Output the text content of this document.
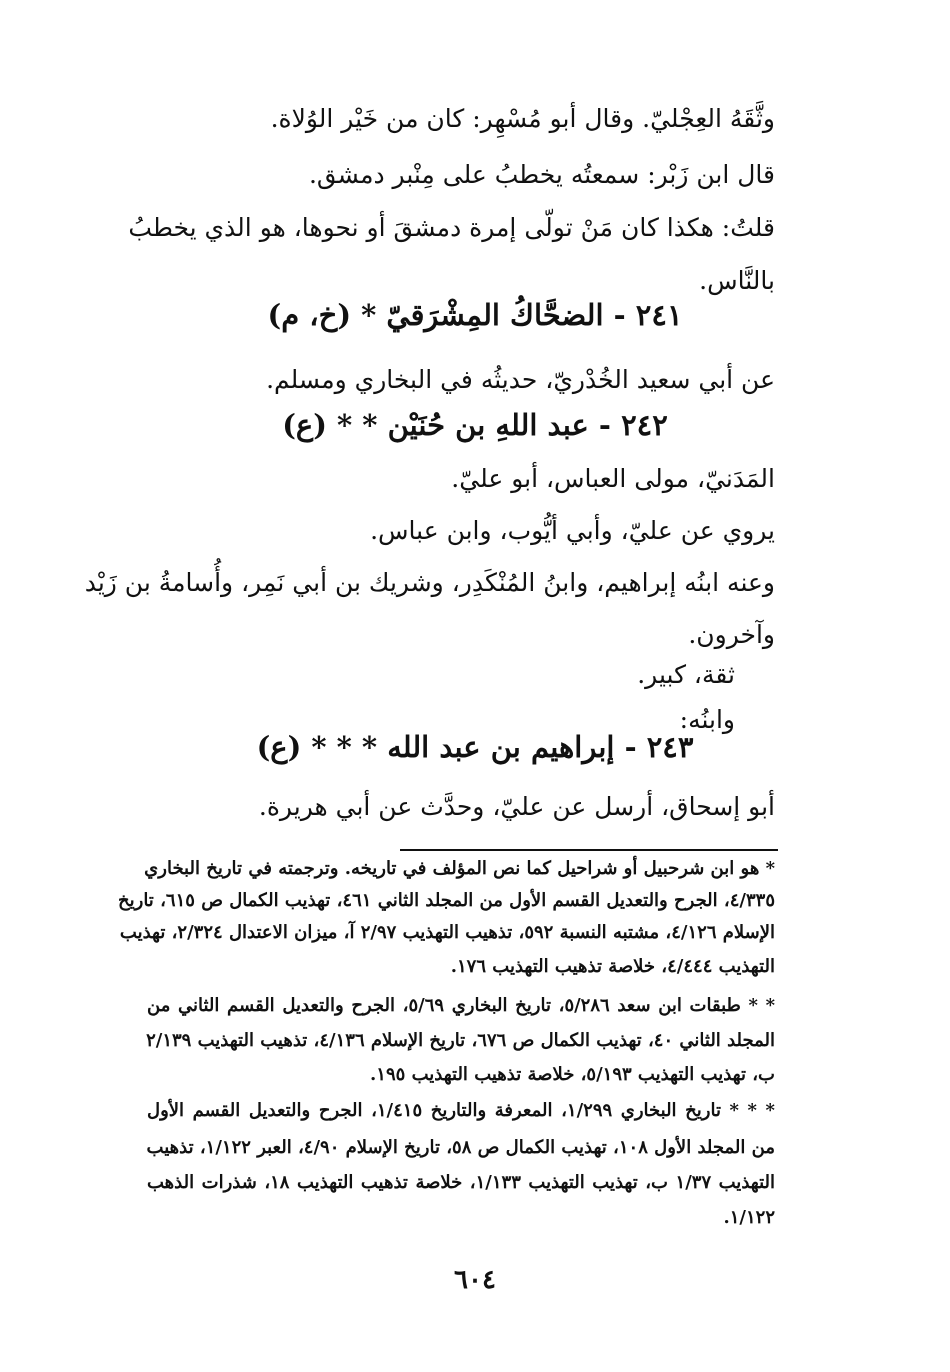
وثَّقَهُ العِجْليّ. وقال أبو مُسْهِر: كان من خَيْر الوُلاة.
قال ابن زَبْر: سمعتُه يخطبُ على مِنْبر دمشق.
قلتُ: هكذا كان مَنْ تولّى إمرة دمشقَ أو نحوها، هو الذي يخطبُ
بالنَّاس.
٢٤١ - الضحَّاكُ المِشْرَقيّ * (خ، م)
عن أبي سعيد الخُدْريّ، حديثُه في البخاري ومسلم.
٢٤٢ - عبد اللهِ بن حُنَيْن * * (ع)
المَدَنيّ، مولى العباس، أبو عليّ.
يروي عن عليّ، وأبي أيُّوب، وابن عباس.
وعنه ابنُه إبراهيم، وابنُ المُنْكَدِر، وشريك بن أبي نَمِر، وأُسامةُ بن زَيْد
وآخرون.
ثقة، كبير.
وابنُه:
٢٤٣ - إبراهيم بن عبد الله * * * (ع)
أبو إسحاق، أرسل عن عليّ، وحدَّث عن أبي هريرة.
* هو ابن شرحبيل أو شراحيل كما نص المؤلف في تاريخه. وترجمته في تاريخ البخاري
٤/٣٣٥، الجرح والتعديل القسم الأول من المجلد الثاني ٤٦١، تهذيب الكمال ص ٦١٥، تاريخ
الإسلام ٤/١٢٦، مشتبه النسبة ٥٩٢، تذهيب التهذيب ٢/٩٧ آ، ميزان الاعتدال ٢/٣٢٤، تهذيب
التهذيب ٤/٤٤٤، خلاصة تذهيب التهذيب ١٧٦.
* * طبقات ابن سعد ٥/٢٨٦، تاريخ البخاري ٥/٦٩، الجرح والتعديل القسم الثاني من
المجلد الثاني ٤٠، تهذيب الكمال ص ٦٧٦، تاريخ الإسلام ٤/١٣٦، تذهيب التهذيب ٢/١٣٩
ب، تهذيب التهذيب ٥/١٩٣، خلاصة تذهيب التهذيب ١٩٥.
* * * تاريخ البخاري ١/٢٩٩، المعرفة والتاريخ ١/٤١٥، الجرح والتعديل القسم الأول
من المجلد الأول ١٠٨، تهذيب الكمال ص ٥٨، تاريخ الإسلام ٤/٩٠، العبر ١/١٢٢، تذهيب
التهذيب ١/٣٧ ب، تهذيب التهذيب ١/١٣٣، خلاصة تذهيب التهذيب ١٨، شذرات الذهب
١/١٢٢.
٦٠٤
